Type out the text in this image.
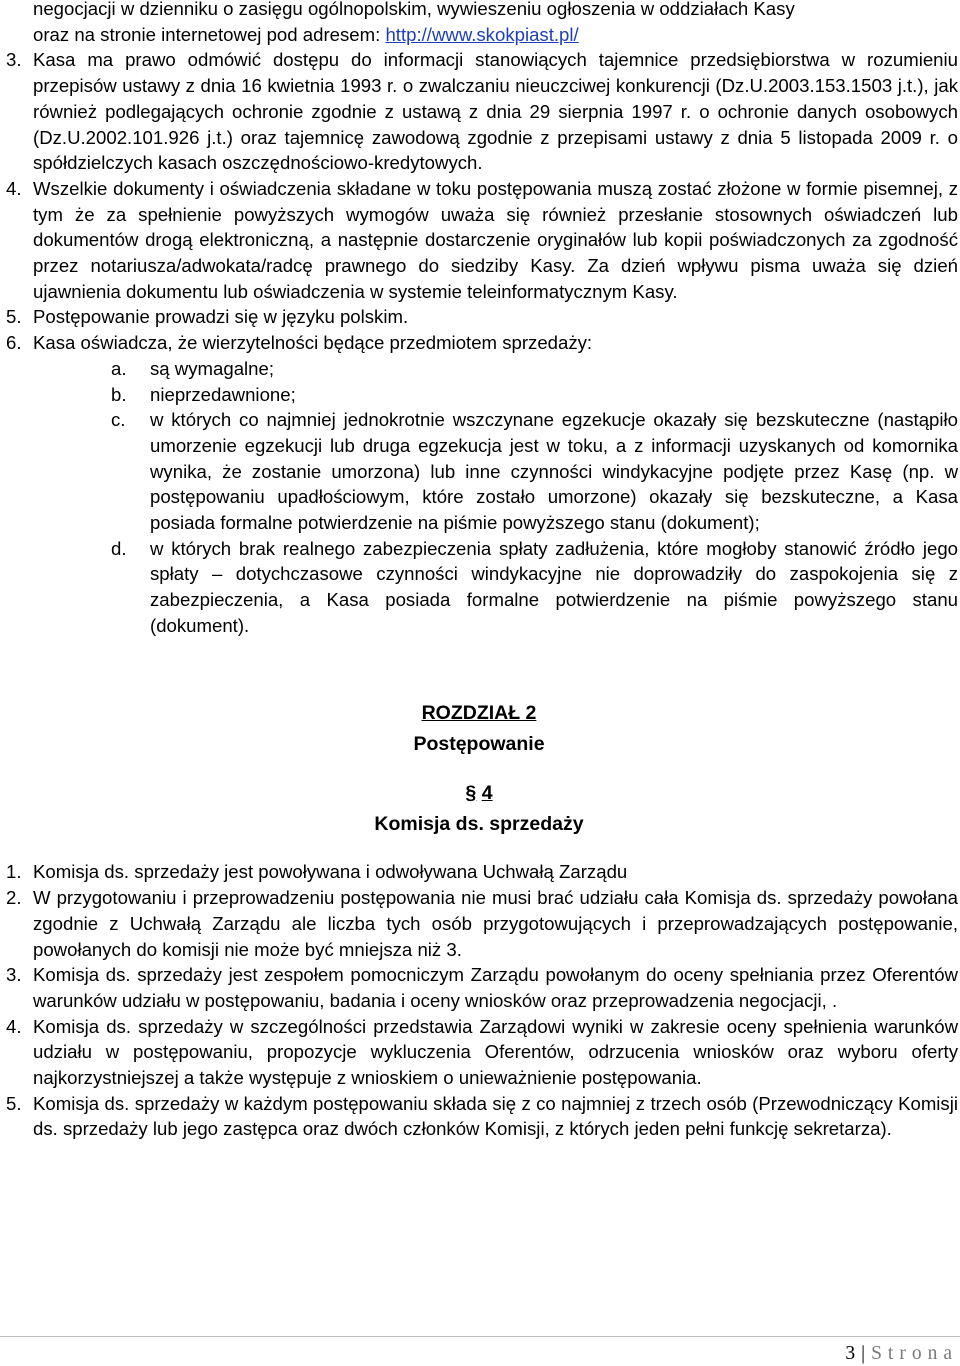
negocjacji w dzienniku o zasięgu ogólnopolskim, wywieszeniu ogłoszenia w oddziałach Kasy
oraz na stronie internetowej pod adresem: http://www.skokpiast.pl/

3. Kasa ma prawo odmówić dostępu do informacji stanowiących tajemnice przedsiębiorstwa w rozumieniu przepisów ustawy z dnia 16 kwietnia 1993 r. o zwalczaniu nieuczciwej konkurencji (Dz.U.2003.153.1503 j.t.), jak również podlegających ochronie zgodnie z ustawą z dnia 29 sierpnia 1997 r. o ochronie danych osobowych (Dz.U.2002.101.926 j.t.) oraz tajemnicę zawodową zgodnie z przepisami ustawy z dnia 5 listopada 2009 r. o spółdzielczych kasach oszczędnościowo-kredytowych.

4. Wszelkie dokumenty i oświadczenia składane w toku postępowania muszą zostać złożone w formie pisemnej, z tym że za spełnienie powyższych wymogów uważa się również przesłanie stosownych oświadczeń lub dokumentów drogą elektroniczną, a następnie dostarczenie oryginałów lub kopii poświadczonych za zgodność przez notariusza/adwokata/radcę prawnego do siedziby Kasy. Za dzień wpływu pisma uważa się dzień ujawnienia dokumentu lub oświadczenia w systemie teleinformatycznym Kasy.

5. Postępowanie prowadzi się w języku polskim.

6. Kasa oświadcza, że wierzytelności będące przedmiotem sprzedaży:

a. są wymagalne;

b. nieprzedawnione;

c. w których co najmniej jednokrotnie wszczynane egzekucje okazały się bezskuteczne (nastąpiło umorzenie egzekucji lub druga egzekucja jest w toku, a z informacji uzyskanych od komornika wynika, że zostanie umorzona) lub inne czynności windykacyjne podjęte przez Kasę (np. w postępowaniu upadłościowym, które zostało umorzone) okazały się bezskuteczne, a Kasa posiada formalne potwierdzenie na piśmie powyższego stanu (dokument);

d. w których brak realnego zabezpieczenia spłaty zadłużenia, które mogłoby stanowić źródło jego spłaty – dotychczasowe czynności windykacyjne nie doprowadziły do zaspokojenia się z zabezpieczenia, a Kasa posiada formalne potwierdzenie na piśmie powyższego stanu (dokument).

ROZDZIAŁ 2

Postępowanie

§ 4

Komisja ds. sprzedaży

1. Komisja ds. sprzedaży jest powoływana i odwoływana Uchwałą Zarządu

2. W przygotowaniu i przeprowadzeniu postępowania nie musi brać udziału cała Komisja ds. sprzedaży powołana zgodnie z Uchwałą Zarządu ale liczba tych osób przygotowujących i przeprowadzających postępowanie, powołanych do komisji nie może być mniejsza niż 3.

3. Komisja ds. sprzedaży jest zespołem pomocniczym Zarządu powołanym do oceny spełniania przez Oferentów warunków udziału w postępowaniu, badania i oceny wniosków oraz przeprowadzenia negocjacji, .

4. Komisja ds. sprzedaży w szczególności przedstawia Zarządowi wyniki w zakresie oceny spełnienia warunków udziału w postępowaniu, propozycje wykluczenia Oferentów, odrzucenia wniosków oraz wyboru oferty najkorzystniejszej a także występuje z wnioskiem o unieważnienie postępowania.

5. Komisja ds. sprzedaży w każdym postępowaniu składa się z co najmniej z trzech osób (Przewodniczący Komisji ds. sprzedaży lub jego zastępca oraz dwóch członków Komisji, z których jeden pełni funkcję sekretarza).

3 | Strona
